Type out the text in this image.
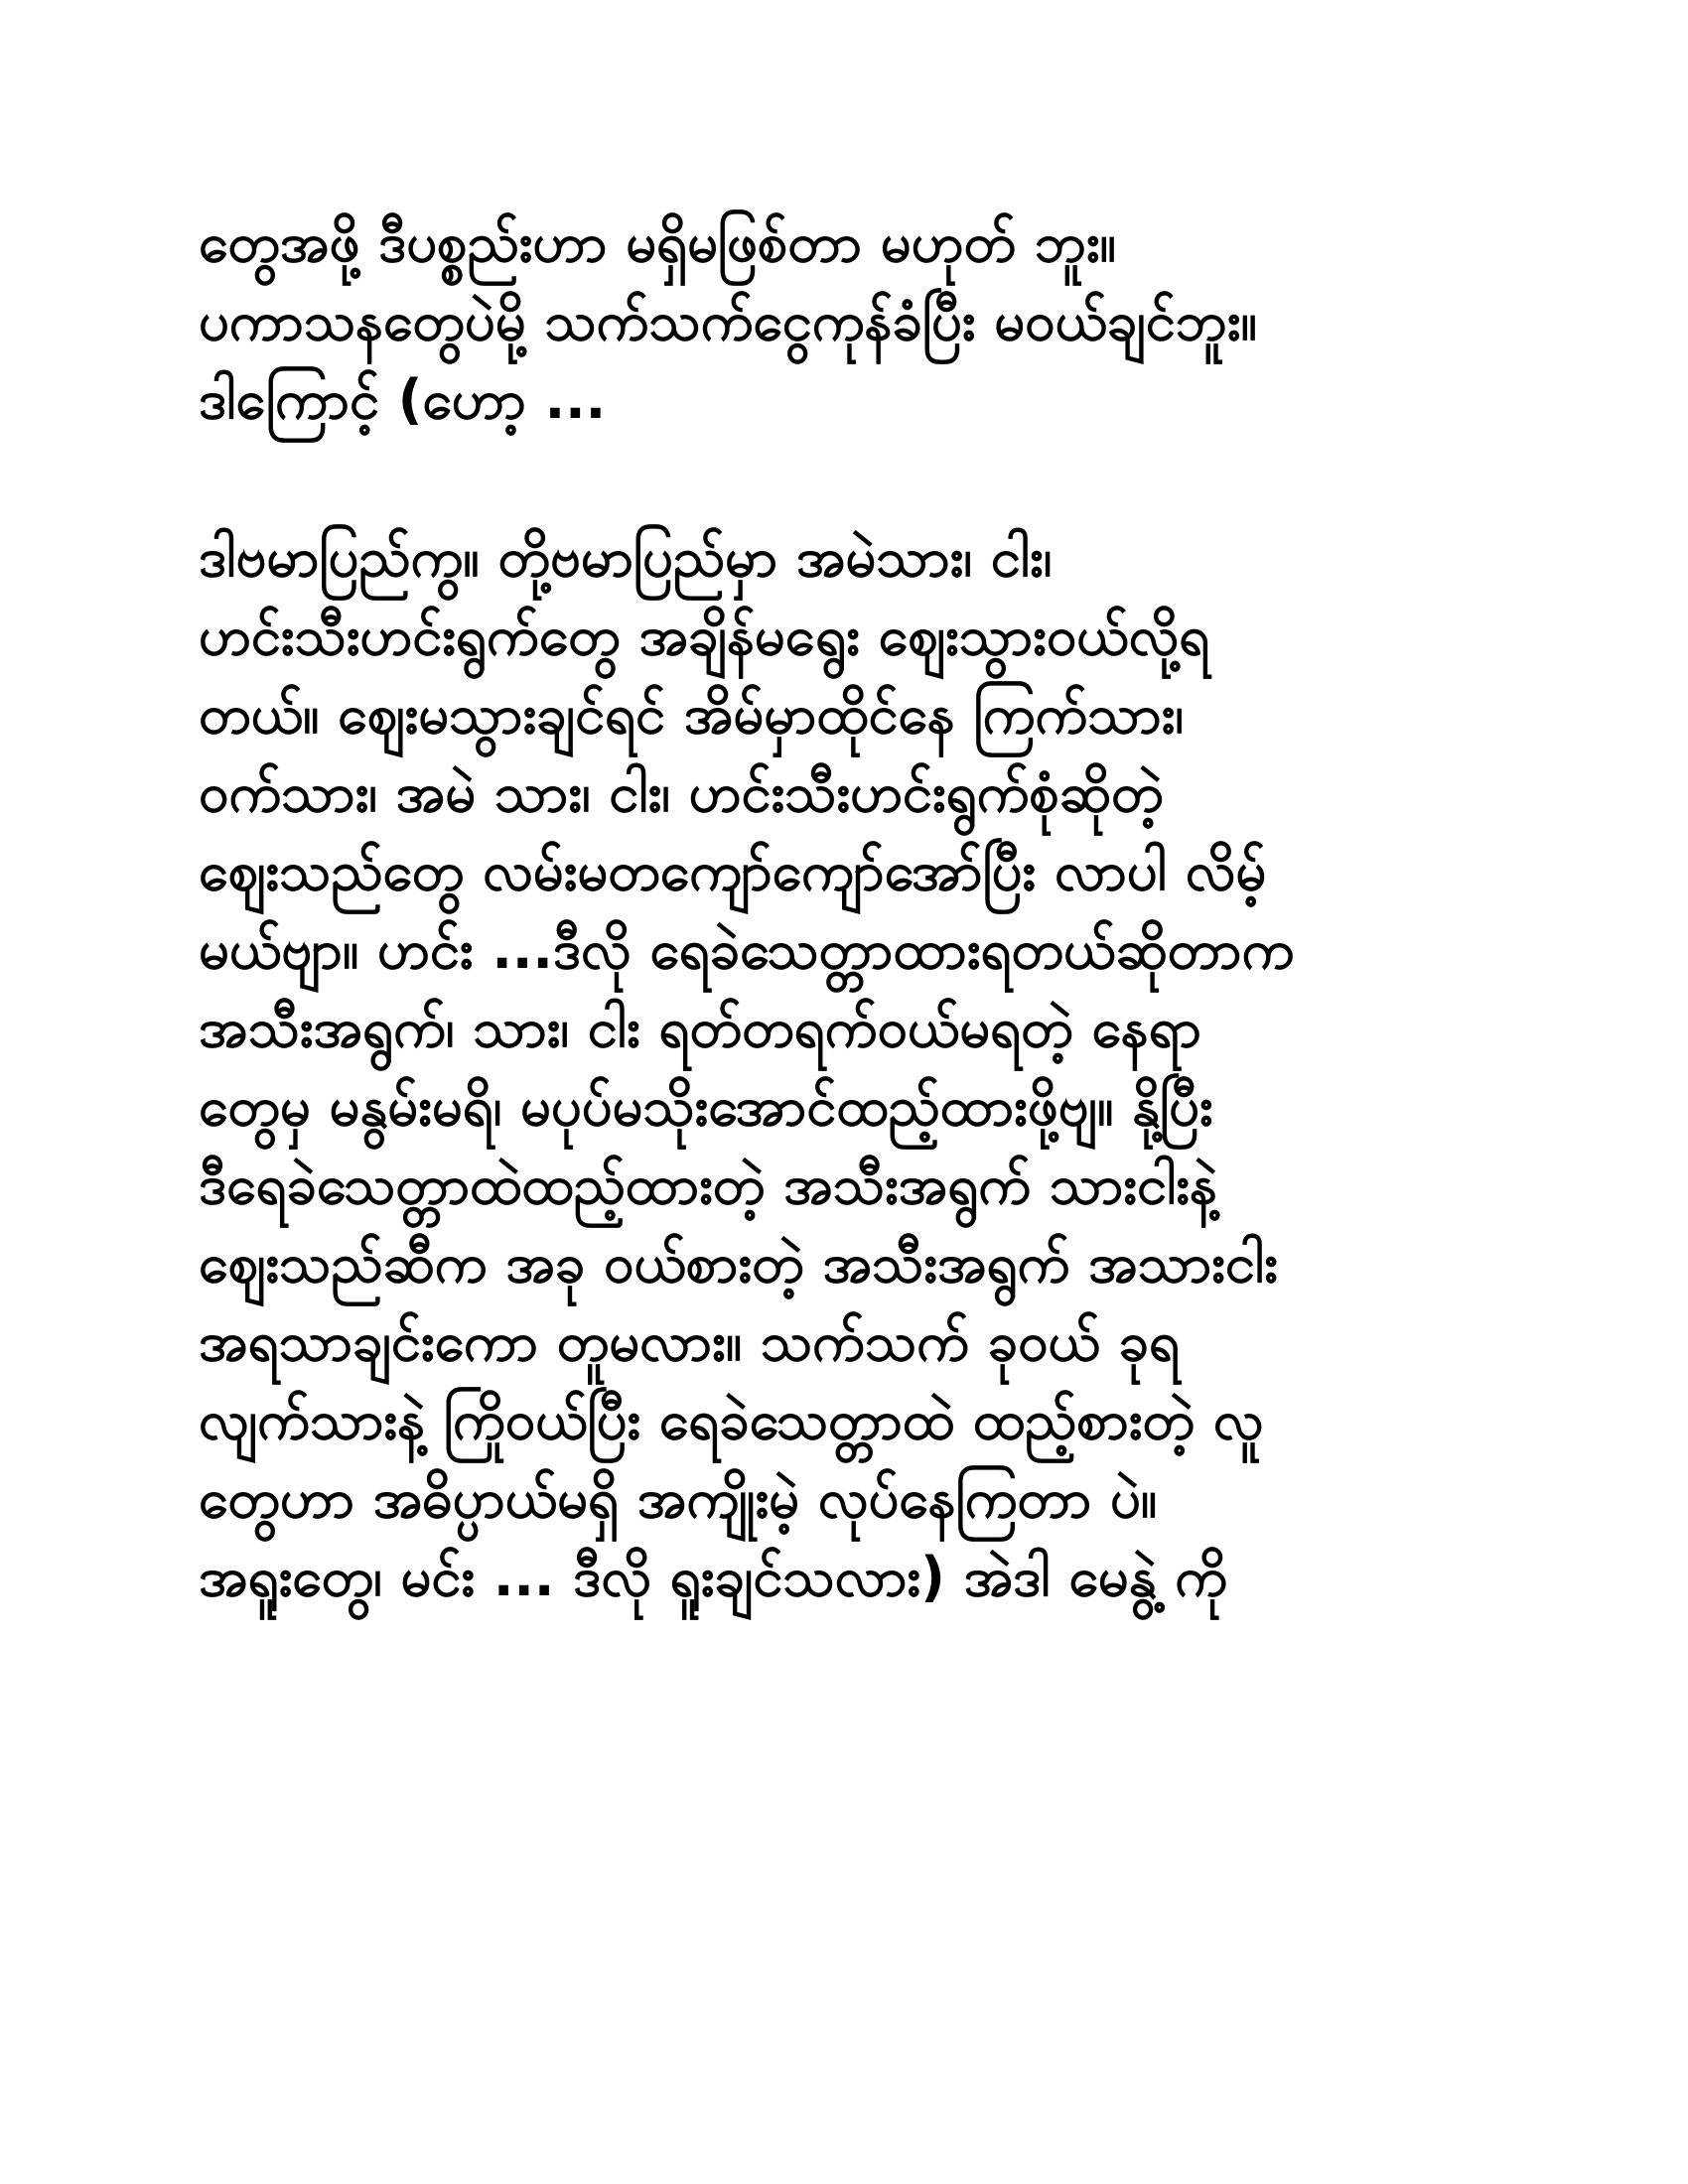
တွေအဖို့ ဒီပစ္စည်းဟာ မရှိမဖြစ်တာ မဟုတ် ဘူး။
ပကာသနတွေပဲမို့ သက်သက်ငွေကုန်ခံပြီး မ၀ယ်ချင်ဘူး။
ဒါကြောင့် (ဟော့ ...
ဒါဗမာပြည်ကွ။ တို့ဗမာပြည်မှာ အမဲသား၊ ငါး၊
ဟင်းသီးဟင်းရွက်တွေ အချိန်မရွေး ဈေးသွားဝယ်လို့ရ
တယ်။ ဈေးမသွားချင်ရင် အိမ်မှာထိုင်နေ ကြက်သား၊
ဝက်သား၊ အမဲ သား၊ ငါး၊ ဟင်းသီးဟင်းရွက်စုံဆိုတဲ့
ဈေးသည်တွေ လမ်းမတကျော်ကျော်အော်ပြီး လာပါ လိမ့်
မယ်ဗျာ။ ဟင်း ...ဒီလို ရေခဲသေတ္တာထားရတယ်ဆိုတာက
အသီးအရွက်၊ သား၊ ငါး ရတ်တရက်ဝယ်မရတဲ့ နေရာ
တွေမှ မနွမ်းမရိ၊ မပုပ်မသိုးအောင်ထည့်ထားဖို့ဗျ။ နို့ပြီး
ဒီရေခဲသေတ္တာထဲထည့်ထားတဲ့ အသီးအရွက် သားငါးနဲ့
ဈေးသည်ဆီက အခု ဝယ်စားတဲ့ အသီးအရွက် အသားငါး
အရသာချင်းကော တူမလား။ သက်သက် ခုဝယ် ခုရ
လျက်သားနဲ့ ကြိုဝယ်ပြီး ရေခဲသေတ္တာထဲ ထည့်စားတဲ့ လူ
တွေဟာ အဓိပ္ပာယ်မရှိ အကျိုးမဲ့ လုပ်နေကြတာ ပဲ။
အရူးတွေ၊ မင်း ... ဒီလို ရူးချင်သလား) အဲဒါ မေနွဲ့ ကို
